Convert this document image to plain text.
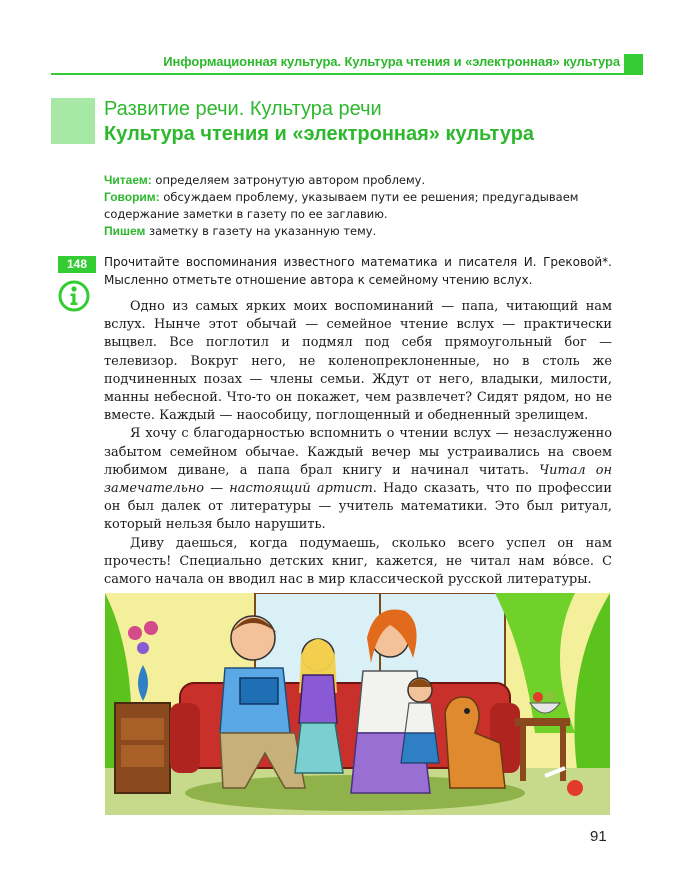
Информационная культура. Культура чтения и «электронная» культура
Развитие речи. Культура речи
Культура чтения и «электронная» культура
Читаем: определяем затронутую автором проблему.
Говорим: обсуждаем проблему, указываем пути ее решения; предугадываем содержание заметки в газету по ее заглавию.
Пишем заметку в газету на указанную тему.
148	Прочитайте воспоминания известного математика и писателя И. Грековой*. Мысленно отметьте отношение автора к семейному чтению вслух.

Одно из самых ярких моих воспоминаний — папа, читающий нам вслух. Нынче этот обычай — семейное чтение вслух — практически выцвел. Все поглотил и подмял под себя прямоугольный бог — телевизор. Вокруг него, не коленопреклоненные, но в столь же подчиненных позах — члены семьи. Ждут от него, владыки, милости, манны небесной. Что-то он покажет, чем развлечет? Сидят рядом, но не вместе. Каждый — наособицу, поглощенный и обедненный зрелищем.

Я хочу с благодарностью вспомнить о чтении вслух — незаслуженно забытом семейном обычае. Каждый вечер мы устраивались на своем любимом диване, а папа брал книгу и начинал читать. Читал он замечательно — настоящий артист. Надо сказать, что по профессии он был далек от литературы — учитель математики. Это был ритуал, который нельзя было нарушить.

Диву даешься, когда подумаешь, сколько всего успел он нам прочесть! Специально детских книг, кажется, не читал нам вóвсе. С самого начала он вводил нас в мир классической русской литературы.

91
